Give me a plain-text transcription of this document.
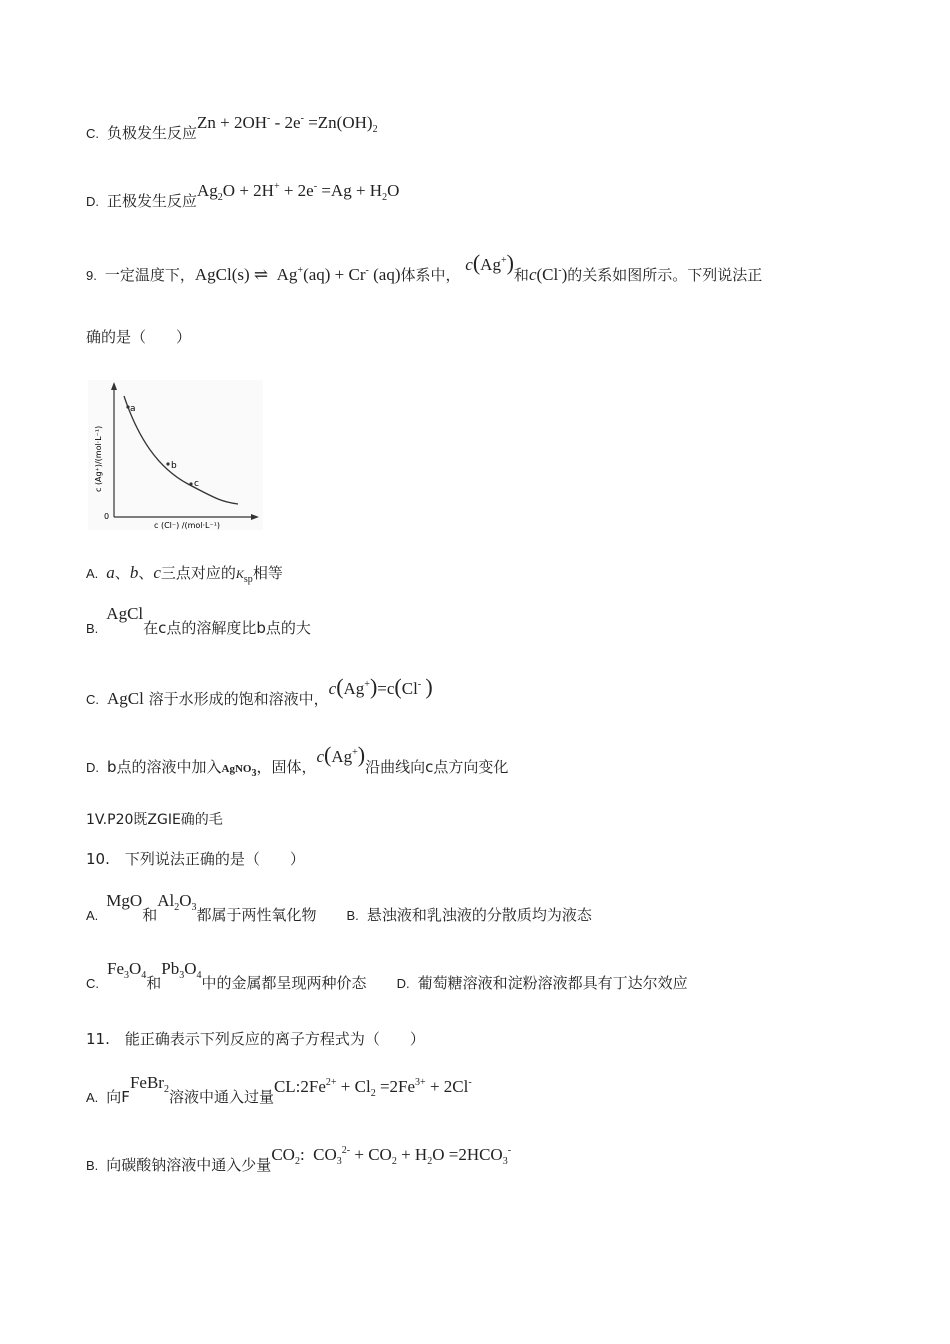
C. 负极发生反应$Zn + 2OH^- - 2e^- =Zn(OH)_2$
D. 正极发生反应$Ag_2O + 2H^+ + 2e^- =Ag + H_2O$
9. 一定温度下，AgCl(s) ⇌  Ag+(aq) + Cr- (aq)体系中， c(Ag+)和c(Cl-)的关系如图所示。下列说法正
确的是（　　）
a
b
c
0
c (Cl⁻) /(mol·L⁻¹)
c (Ag⁺)/(mol·L⁻¹)
A. a、b、c三点对应的$K_{sp}$相等
B.AgCl在c点的溶解度比b点的大
C. AgCl 溶于水形成的饱和溶液中，c(Ag+)=c(Cl- )
D. b点的溶液中加入AgNO$_3$，固体，c(Ag+)沿曲线向c点方向变化
1V.P20既ZGIE确的毛
10.　下列说法正确的是（　　）
A.MgO和$Al_2O_3$都属于两性氧化物 B. 悬浊液和乳浊液的分散质均为液态
$C.Fe_3O_4$和$Pb_3O_4$中的金属都呈现两种价态 D. 葡萄糖溶液和淀粉溶液都具有丁达尔效应
11.　能正确表示下列反应的离子方程式为（　　）
A. 向FFeBr$_2$溶液中通入过量$CL:2Fe^{2+} + Cl_2 =2Fe^{3+} + 2Cl^-$
B. 向碳酸钠溶液中通入少量$CO_2$:  $CO_3^{2-} + CO_2 + H_2O =2HCO_3^-$
